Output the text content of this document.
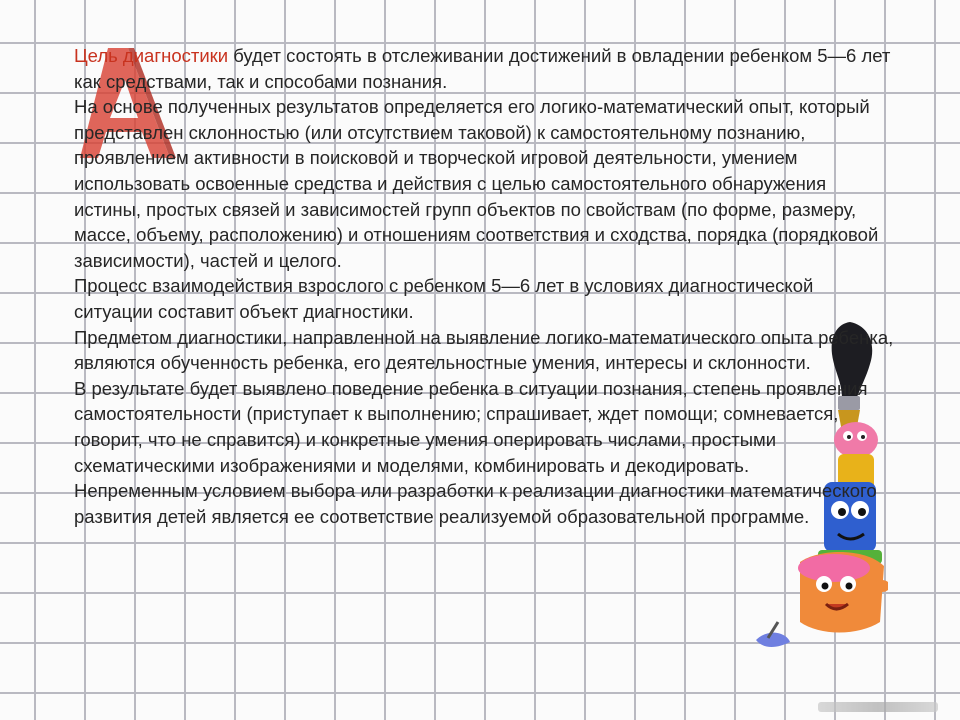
Цель диагностики будет состоять в отслеживании достижений в овладении ребенком 5—6 лет как средствами, так и способами познания.

На основе полученных результатов определяется его логико-математический опыт, который представлен склонностью (или отсутствием таковой) к самостоятельному познанию, проявлением активности в поисковой и творческой игровой деятельности, умением использовать освоенные средства и действия с целью самостоятельного обнаружения истины, простых связей и зависимостей групп объектов по свойствам (по форме, размеру, массе, объему, расположению) и отношениям соответствия и сходства, порядка (порядковой зависимости), частей и целого.

Процесс взаимодействия взрослого с ребенком 5—6 лет в условиях диагностической ситуации составит объект диагностики.

Предметом диагностики, направленной на выявление логико-математического опыта ребенка, являются обученность ребенка, его деятельностные умения, интересы и склонности.

В результате будет выявлено поведение ребенка в ситуации познания, степень проявления самостоятельности (приступает к выполнению; спрашивает, ждет помощи; сомневается, говорит, что не справится) и конкретные умения оперировать числами, простыми схематическими изображениями и моделями, комбинировать и декодировать.

Непременным условием выбора или разработки к реализации диагностики математического развития детей является ее соответствие реализуемой образовательной программе.
